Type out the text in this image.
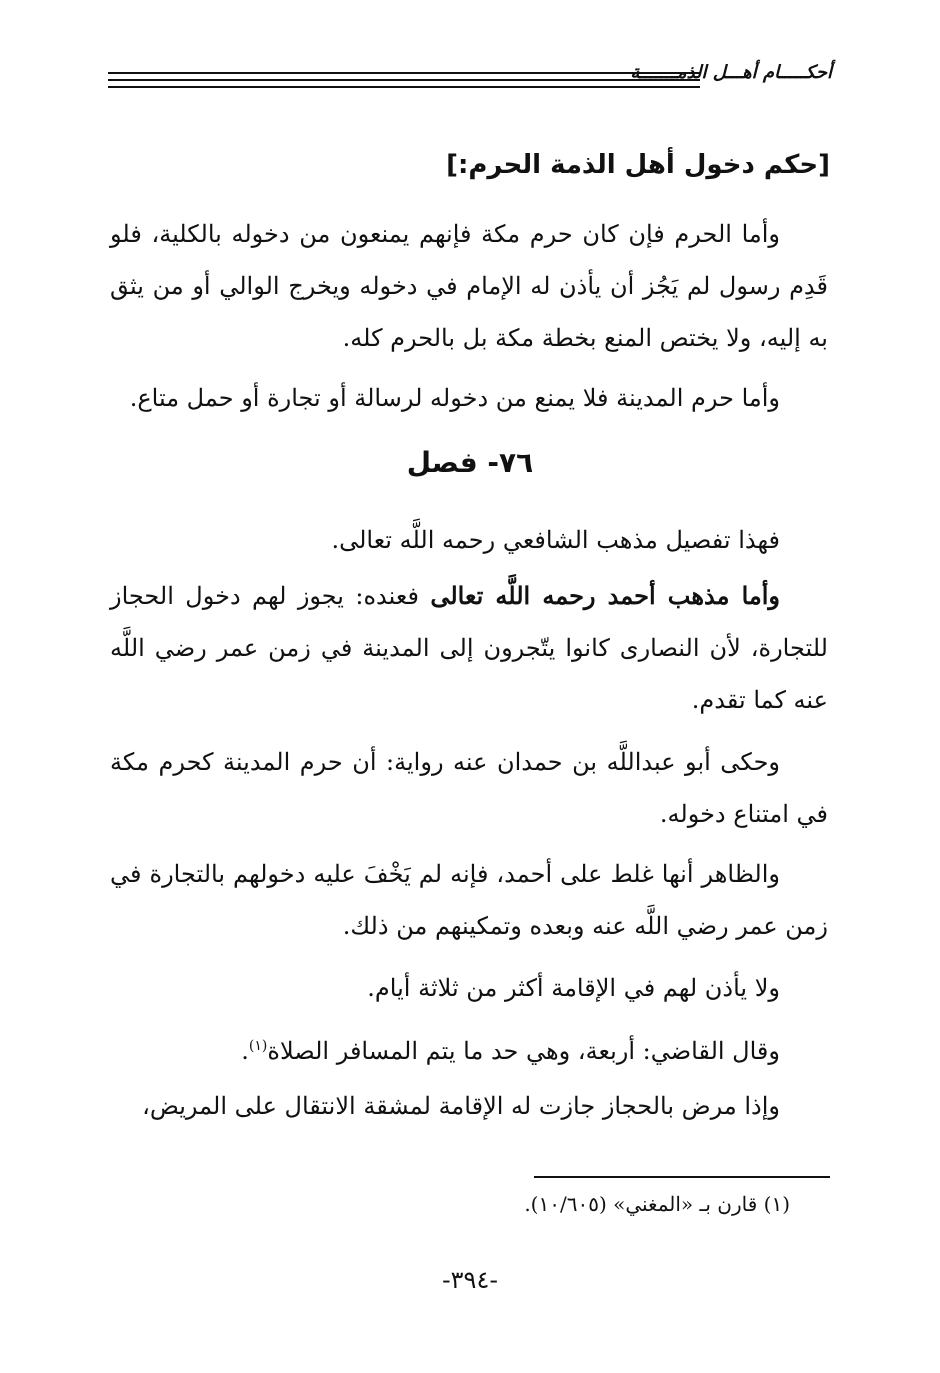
أحكـــــام أهـــل الذمـــــــة
[حكم دخول أهل الذمة الحرم:]
وأما الحرم فإن كان حرم مكة فإنهم يمنعون من دخوله بالكلية، فلو قَدِم رسول لم يَجُز أن يأذن له الإمام في دخوله ويخرج الوالي أو من يثق به إليه، ولا يختص المنع بخطة مكة بل بالحرم كله.
وأما حرم المدينة فلا يمنع من دخوله لرسالة أو تجارة أو حمل متاع.
٧٦- فصل
فهذا تفصيل مذهب الشافعي رحمه اللَّه تعالى.
وأما مذهب أحمد رحمه اللَّه تعالى فعنده: يجوز لهم دخول الحجاز للتجارة، لأن النصارى كانوا يتّجرون إلى المدينة في زمن عمر رضي اللَّه عنه كما تقدم.
وحكى أبو عبداللَّه بن حمدان عنه رواية: أن حرم المدينة كحرم مكة في امتناع دخوله.
والظاهر أنها غلط على أحمد، فإنه لم يَخْفَ عليه دخولهم بالتجارة في زمن عمر رضي اللَّه عنه وبعده وتمكينهم من ذلك.
ولا يأذن لهم في الإقامة أكثر من ثلاثة أيام.
وقال القاضي: أربعة، وهي حد ما يتم المسافر الصلاة$^{(١)}$.
وإذا مرض بالحجاز جازت له الإقامة لمشقة الانتقال على المريض،
(١) قارن بـ «المغني» (١٠/٦٠٥).
-٣٩٤-
